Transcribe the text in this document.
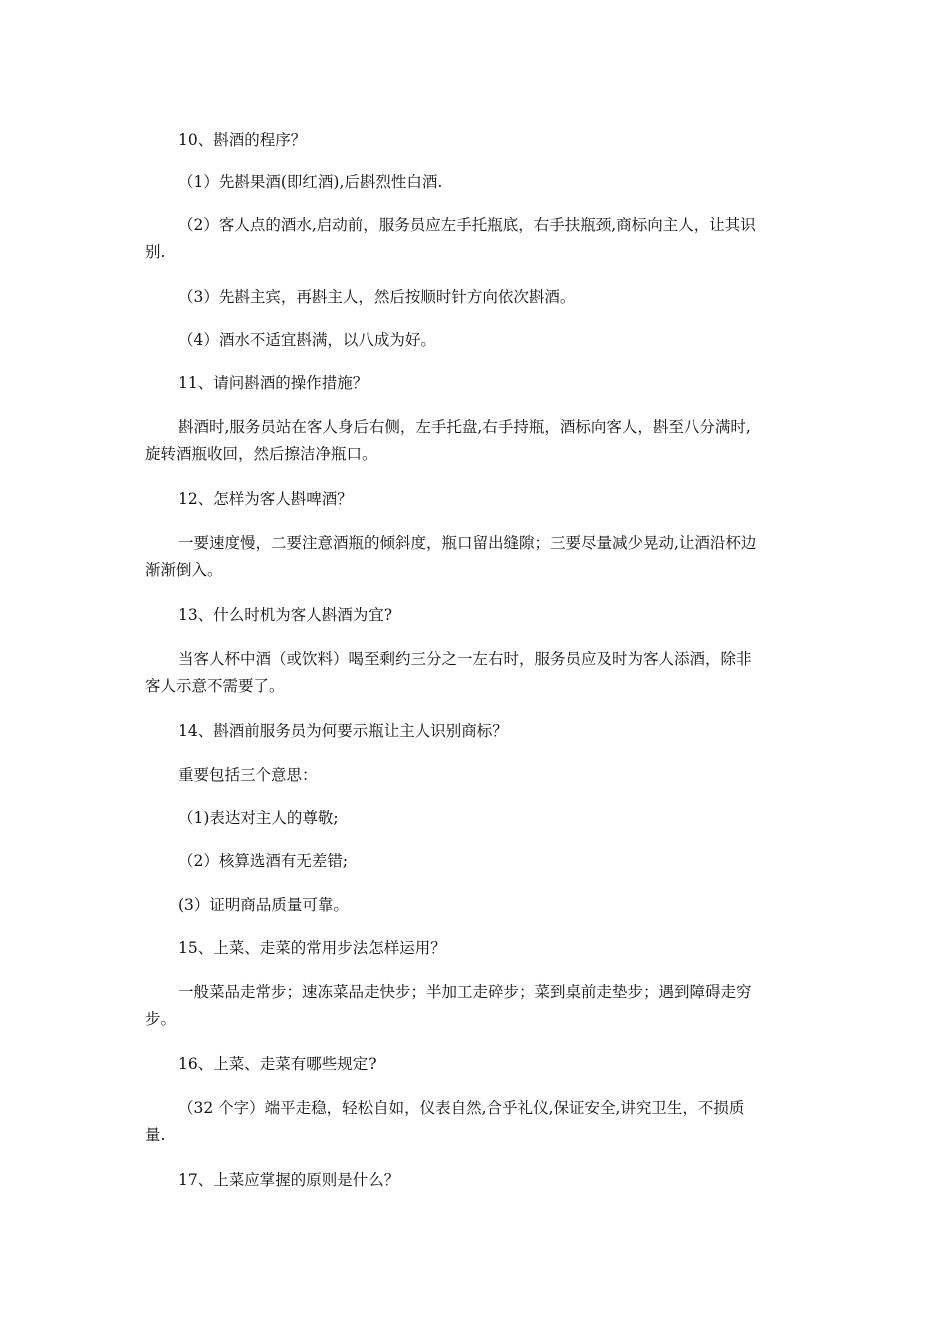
10、斟酒的程序？
（1）先斟果酒(即红酒),后斟烈性白酒.
（2）客人点的酒水,启动前，服务员应左手托瓶底，右手扶瓶颈,商标向主人，让其识
别.
（3）先斟主宾，再斟主人，然后按顺时针方向依次斟酒。
（4）酒水不适宜斟满，以八成为好。
11、请问斟酒的操作措施？
斟酒时,服务员站在客人身后右侧，左手托盘,右手持瓶，酒标向客人，斟至八分满时,
旋转酒瓶收回，然后擦洁净瓶口。
12、怎样为客人斟啤酒？
一要速度慢，二要注意酒瓶的倾斜度，瓶口留出缝隙；三要尽量减少晃动,让酒沿杯边
渐渐倒入。
13、什么时机为客人斟酒为宜?
当客人杯中酒（或饮料）喝至剩约三分之一左右时，服务员应及时为客人添酒，除非
客人示意不需要了。
14、斟酒前服务员为何要示瓶让主人识别商标？
重要包括三个意思：
（1)表达对主人的尊敬;
（2）核算选酒有无差错;
(3）证明商品质量可靠。
15、上菜、走菜的常用步法怎样运用？
一般菜品走常步；速冻菜品走快步；半加工走碎步；菜到桌前走垫步；遇到障碍走穷
步。
16、上菜、走菜有哪些规定?
（32 个字）端平走稳，轻松自如，仪表自然,合乎礼仪,保证安全,讲究卫生，不损质
量.
17、上菜应掌握的原则是什么？
